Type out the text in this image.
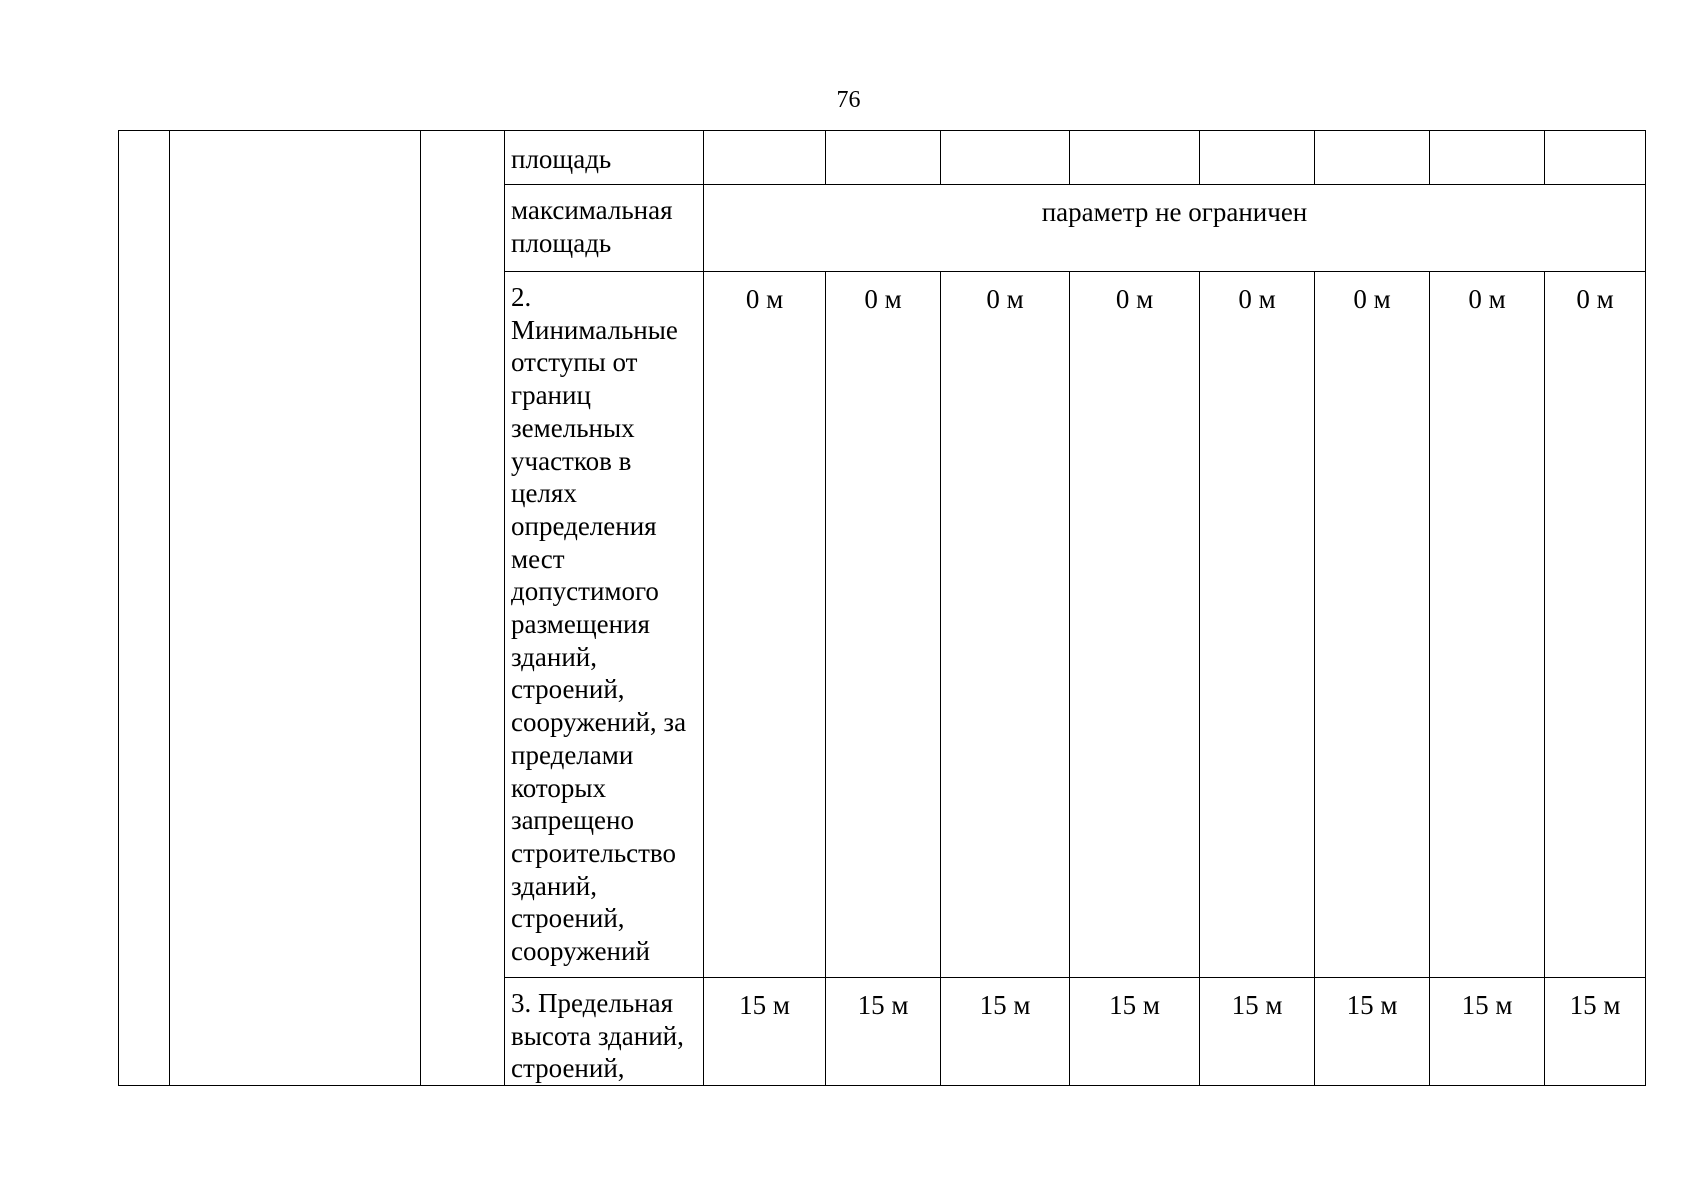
76
			площадь								
			максимальная площадь	параметр не ограничен							
			2. Минимальные отступы от границ земельных участков в целях определения мест допустимого размещения зданий, строений, сооружений, за пределами которых запрещено строительство зданий, строений, сооружений	0 м	0 м	0 м	0 м	0 м	0 м	0 м	0 м
			3. Предельная высота зданий, строений,	15 м	15 м	15 м	15 м	15 м	15 м	15 м	15 м
